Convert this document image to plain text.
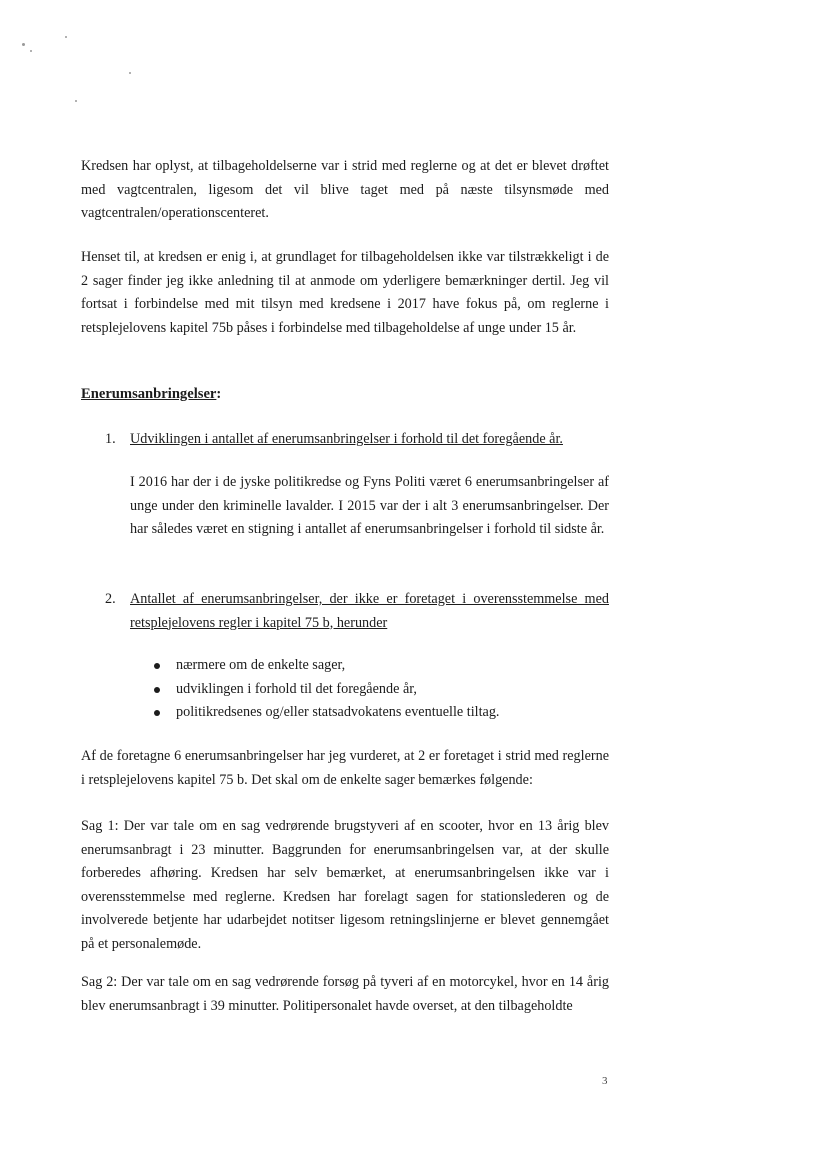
Kredsen har oplyst, at tilbageholdelserne var i strid med reglerne og at det er blevet drøftet med vagtcentralen, ligesom det vil blive taget med på næste tilsynsmøde med vagtcentralen/operationscenteret.

Henset til, at kredsen er enig i, at grundlaget for tilbageholdelsen ikke var tilstrækkeligt i de 2 sager finder jeg ikke anledning til at anmode om yderligere bemærkninger dertil. Jeg vil fortsat i forbindelse med mit tilsyn med kredsene i 2017 have fokus på, om reglerne i retsplejelovens kapitel 75b påses i forbindelse med tilbageholdelse af unge under 15 år.

Enerumsanbringelser:
1. Udviklingen i antallet af enerumsanbringelser i forhold til det foregående år.

I 2016 har der i de jyske politikredse og Fyns Politi været 6 enerumsanbringelser af unge under den kriminelle lavalder. I 2015 var der i alt 3 enerumsanbringelser. Der har således været en stigning i antallet af enerumsanbringelser i forhold til sidste år.

2. Antallet af enerumsanbringelser, der ikke er foretaget i overensstemmelse med retsplejelovens regler i kapitel 75 b, herunder
nærmere om de enkelte sager,
udviklingen i forhold til det foregående år,
politikredsenes og/eller statsadvokatens eventuelle tiltag.

Af de foretagne 6 enerumsanbringelser har jeg vurderet, at 2 er foretaget i strid med reglerne i retsplejelovens kapitel 75 b. Det skal om de enkelte sager bemærkes følgende:

Sag 1: Der var tale om en sag vedrørende brugstyveri af en scooter, hvor en 13 årig blev enerumsanbragt i 23 minutter. Baggrunden for enerumsanbringelsen var, at der skulle forberedes afhøring. Kredsen har selv bemærket, at enerumsanbringelsen ikke var i overensstemmelse med reglerne. Kredsen har forelagt sagen for stationslederen og de involverede betjente har udarbejdet notitser ligesom retningslinjerne er blevet gennemgået på et personalemøde.

Sag 2: Der var tale om en sag vedrørende forsøg på tyveri af en motorcykel, hvor en 14 årig blev enerumsanbragt i 39 minutter. Politipersonalet havde overset, at den tilbageholdte

3
